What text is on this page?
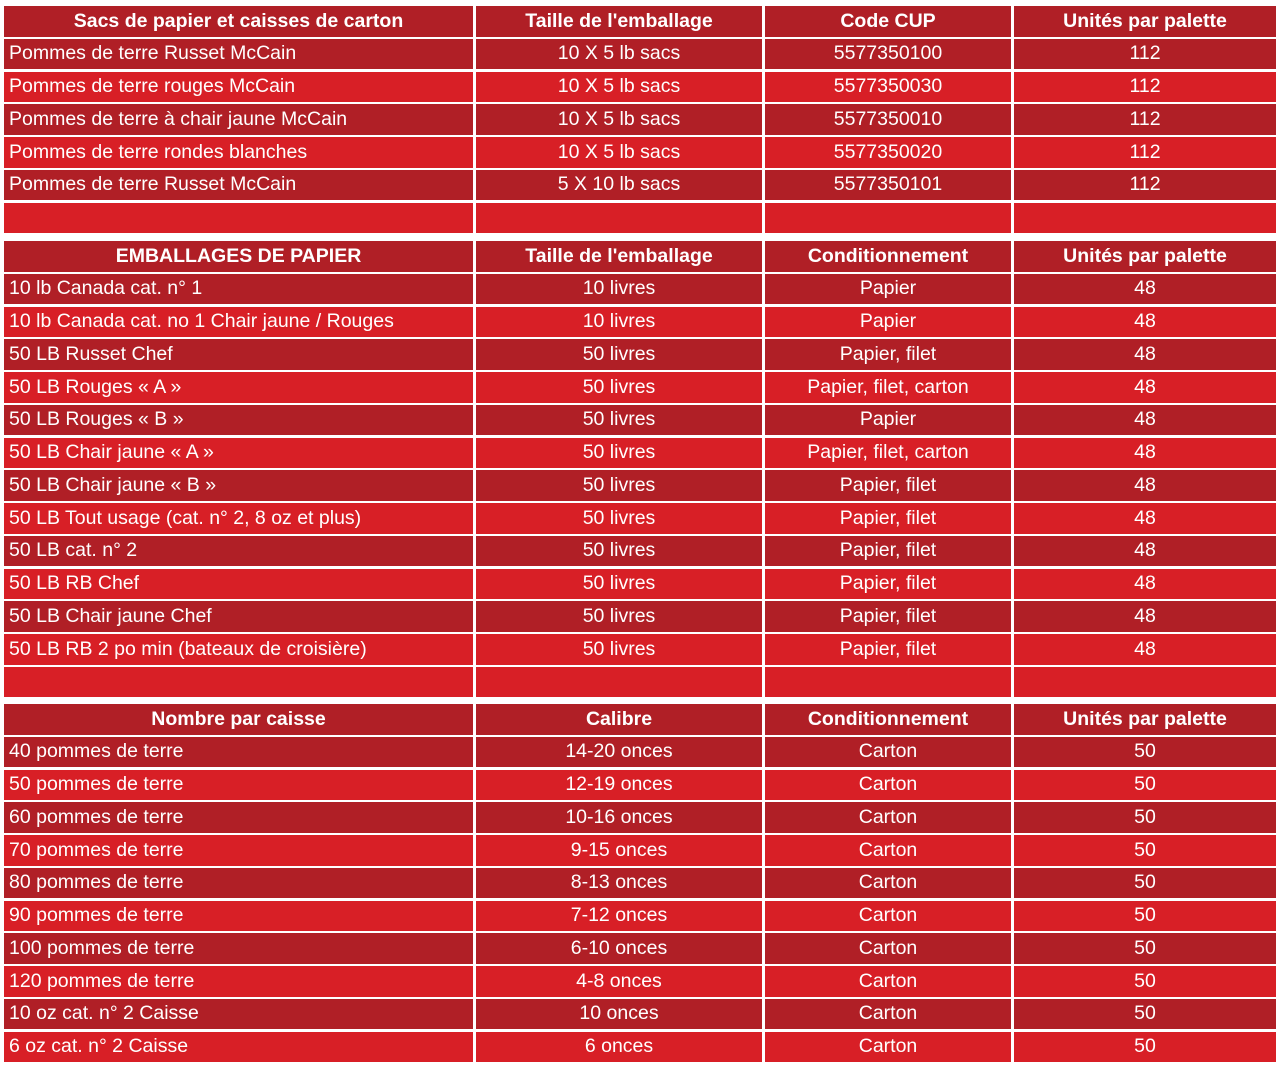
Sacs de papier et caisses de carton	Taille de l'emballage	Code CUP	Unités par palette
Pommes de terre Russet McCain	10 X 5 lb sacs	5577350100	112
Pommes de terre rouges McCain	10 X 5 lb sacs	5577350030	112
Pommes de terre à chair jaune McCain	10 X 5 lb sacs	5577350010	112
Pommes de terre rondes blanches	10 X 5 lb sacs	5577350020	112
Pommes de terre Russet McCain	5 X 10 lb sacs	5577350101	112
EMBALLAGES DE PAPIER	Taille de l'emballage	Conditionnement	Unités par palette
10 lb Canada cat. n° 1	10 livres	Papier	48
10 lb Canada cat. no 1 Chair jaune / Rouges	10 livres	Papier	48
50 LB Russet Chef	50 livres	Papier, filet	48
50 LB Rouges « A »	50 livres	Papier, filet, carton	48
50 LB Rouges « B »	50 livres	Papier	48
50 LB Chair jaune « A »	50 livres	Papier, filet, carton	48
50 LB Chair jaune « B »	50 livres	Papier, filet	48
50 LB Tout usage (cat. n° 2, 8 oz et plus)	50 livres	Papier, filet	48
50 LB cat. n° 2	50 livres	Papier, filet	48
50 LB RB Chef	50 livres	Papier, filet	48
50 LB Chair jaune Chef	50 livres	Papier, filet	48
50 LB RB 2 po min (bateaux de croisière)	50 livres	Papier, filet	48
Nombre par caisse	Calibre	Conditionnement	Unités par palette
40 pommes de terre	14-20 onces	Carton	50
50 pommes de terre	12-19 onces	Carton	50
60 pommes de terre	10-16 onces	Carton	50
70 pommes de terre	9-15 onces	Carton	50
80 pommes de terre	8-13 onces	Carton	50
90 pommes de terre	7-12 onces	Carton	50
100 pommes de terre	6-10 onces	Carton	50
120 pommes de terre	4-8 onces	Carton	50
10 oz cat. n° 2 Caisse	10 onces	Carton	50
6 oz cat. n° 2 Caisse	6 onces	Carton	50
